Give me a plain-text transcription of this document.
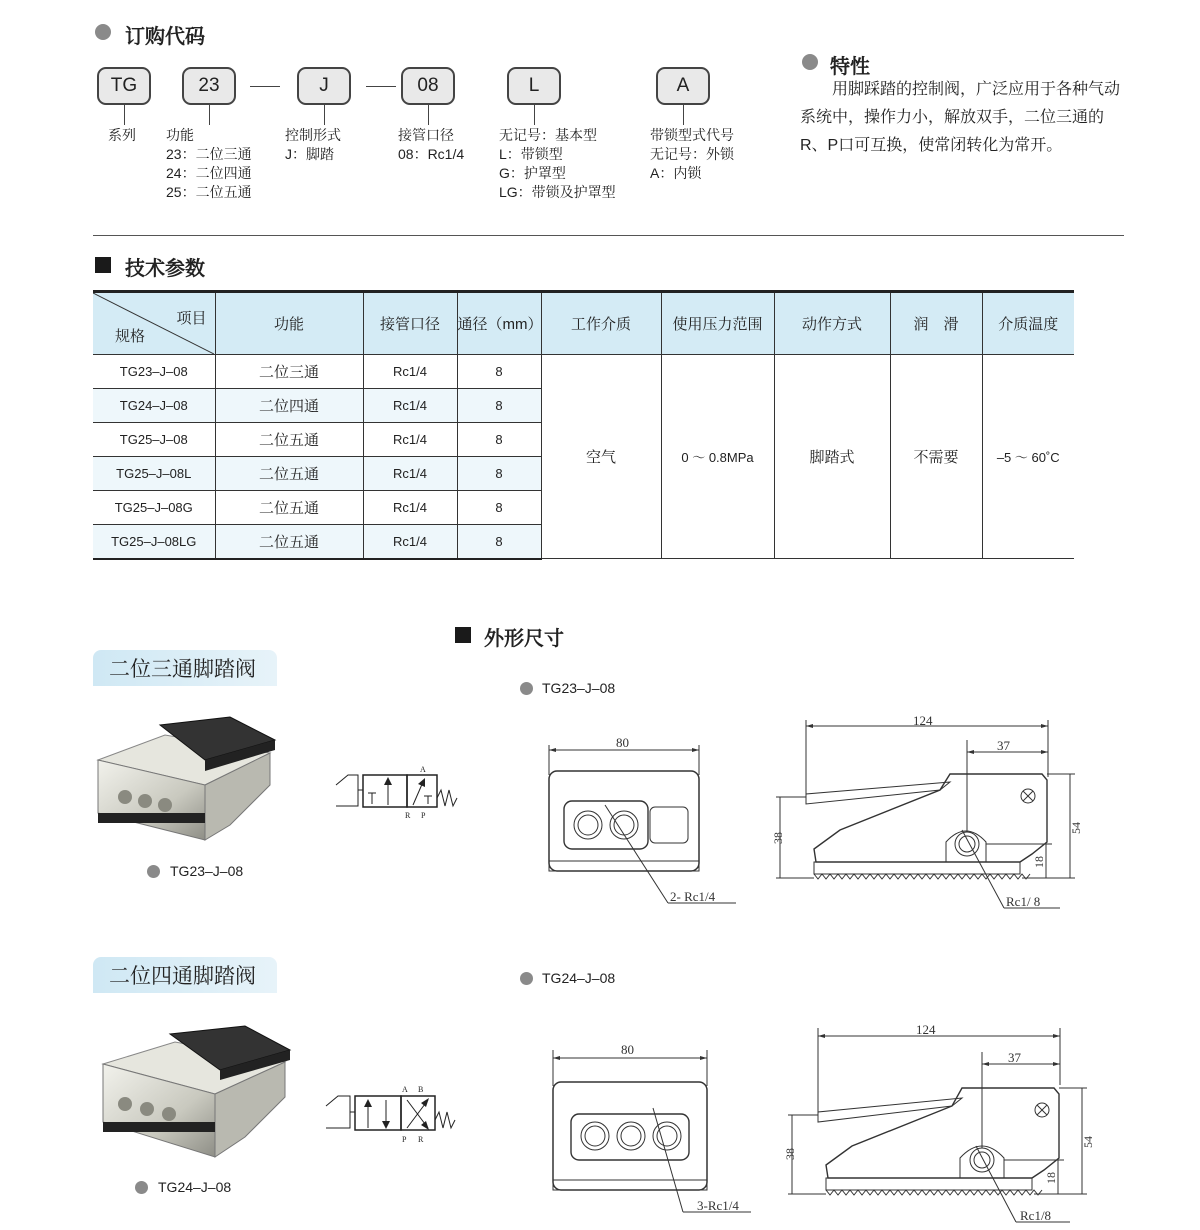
订购代码
TG	23	J	08	L	A
系列 功能
23：二位三通
24：二位四通
25：二位五通
控制形式
J：脚踏
接管口径
08：Rc1/4
无记号：基本型
L：带锁型
G：护罩型
LG：带锁及护罩型
带锁型式代号
无记号：外锁
A：内锁
特性
用脚踩踏的控制阀，广泛应用于各种气动系统中，操作力小，解放双手，二位三通的R、P口可互换，使常闭转化为常开。
技术参数
项目
规格	功能	接管口径	通径（mm）	工作介质	使用压力范围	动作方式	润　滑	介质温度
TG23–J–08	二位三通	Rc1/4	8	空气	0 ～ 0.8MPa	脚踏式	不需要	–5 ～ 60˚C
TG24–J–08	二位四通	Rc1/4	8					
TG25–J–08	二位五通	Rc1/4	8					
TG25–J–08L	二位五通	Rc1/4	8					
TG25–J–08G	二位五通	Rc1/4	8					
TG25–J–08LG	二位五通	Rc1/4	8					
外形尺寸
二位三通脚踏阀
TG23–J–08
A
R P
TG23–J–08
80
2- Rc1/4
124
37
38
54
18
Rc1/ 8
二位四通脚踏阀
TG24–J–08
A B
P R
TG24–J–08
80
3-Rc1/4
124
37
38
54
18
Rc1/8
